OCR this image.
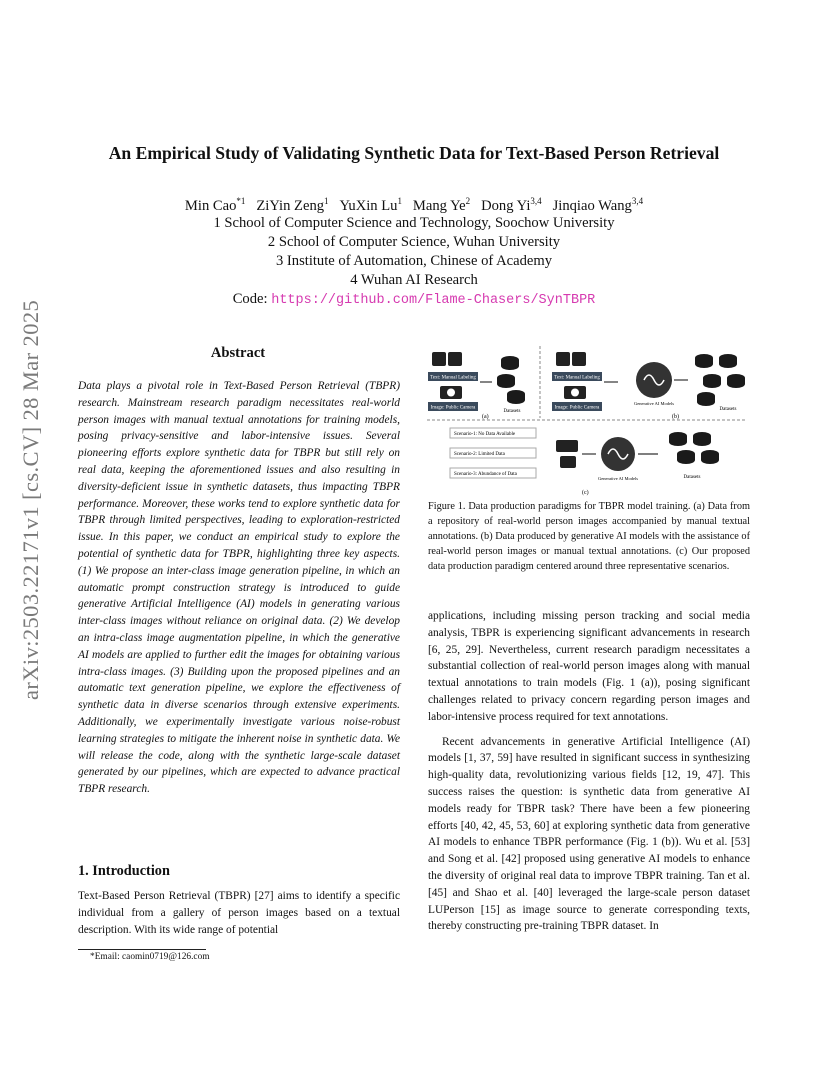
arXiv:2503.22171v1 [cs.CV] 28 Mar 2025
An Empirical Study of Validating Synthetic Data for Text-Based Person Retrieval
Min Cao$^{*1}$   ZiYin Zeng$^1$   YuXin Lu$^1$   Mang Ye$^2$   Dong Yi$^{3,4}$   Jinqiao Wang$^{3,4}$
1 School of Computer Science and Technology, Soochow University
2 School of Computer Science, Wuhan University
3 Institute of Automation, Chinese of Academy
4 Wuhan AI Research
Code: https://github.com/Flame-Chasers/SynTBPR
Abstract
Data plays a pivotal role in Text-Based Person Retrieval (TBPR) research. Mainstream research paradigm necessitates real-world person images with manual textual annotations for training models, posing privacy-sensitive and labor-intensive issues. Several pioneering efforts explore synthetic data for TBPR but still rely on real data, keeping the aforementioned issues and also resulting in diversity-deficient issue in synthetic datasets, thus impacting TBPR performance. Moreover, these works tend to explore synthetic data for TBPR through limited perspectives, leading to exploration-restricted issue. In this paper, we conduct an empirical study to explore the potential of synthetic data for TBPR, highlighting three key aspects. (1) We propose an inter-class image generation pipeline, in which an automatic prompt construction strategy is introduced to guide generative Artificial Intelligence (AI) models in generating various inter-class images without reliance on original data. (2) We develop an intra-class image augmentation pipeline, in which the generative AI models are applied to further edit the images for obtaining various intra-class images. (3) Building upon the proposed pipelines and an automatic text generation pipeline, we explore the effectiveness of synthetic data in diverse scenarios through extensive experiments. Additionally, we experimentally investigate various noise-robust learning strategies to mitigate the inherent noise in synthetic data. We will release the code, along with the synthetic large-scale dataset generated by our pipelines, which are expected to advance practical TBPR research.
1. Introduction
Text-Based Person Retrieval (TBPR) [27] aims to identify a specific individual from a gallery of person images based on a textual description. With its wide range of potential
*Email: caomin0719@126.com
Text: Manual Labeling
Image: Public Camera
Datasets
(a)
Text: Manual Labeling
Image: Public Camera
Generative AI Models
Datasets
(b)
Scenario-1: No Data Available
Scenario-2: Limited Data
Scenario-3: Abundance of Data
Generative AI Models	Datasets
(c)
Figure 1. Data production paradigms for TBPR model training. (a) Data from a repository of real-world person images accompanied by manual textual annotations. (b) Data produced by generative AI models with the assistance of real-world person images or manual textual annotations. (c) Our proposed data production paradigm centered around three representative scenarios.

applications, including missing person tracking and social media analysis, TBPR is experiencing significant advancements in research [6, 25, 29]. Nevertheless, current research paradigm necessitates a substantial collection of real-world person images along with manual textual annotations to train models (Fig. 1 (a)), posing significant challenges related to privacy concern regarding person images and labor-intensive process required for text annotations.

Recent advancements in generative Artificial Intelligence (AI) models [1, 37, 59] have resulted in significant success in synthesizing high-quality data, revolutionizing various fields [12, 19, 47]. This success raises the question: is synthetic data from generative AI models ready for TBPR task? There have been a few pioneering efforts [40, 42, 45, 53, 60] at exploring synthetic data from generative AI models to enhance TBPR performance (Fig. 1 (b)). Wu et al. [53] and Song et al. [42] proposed using generative AI models to enhance the diversity of original real data to improve TBPR training. Tan et al. [45] and Shao et al. [40] leveraged the large-scale person dataset LUPerson [15] as image source to generate corresponding texts, thereby constructing pre-training TBPR dataset. In
